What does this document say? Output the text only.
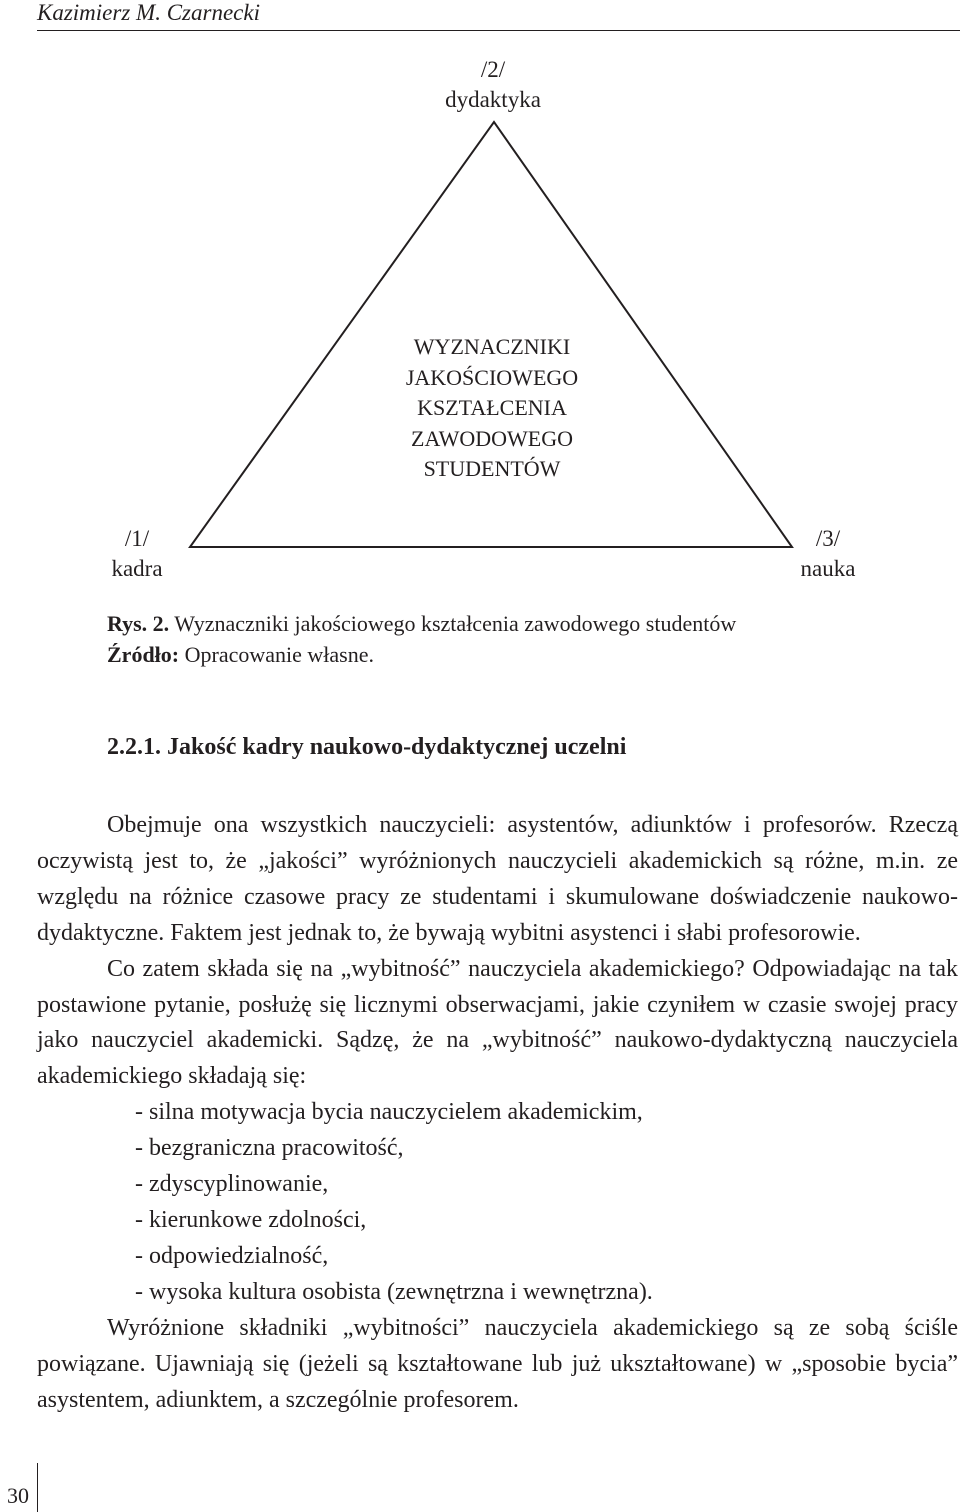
Kazimierz M. Czarnecki
/2/
dydaktyka
/1/
kadra
/3/
nauka
WYZNACZNIKI
JAKOŚCIOWEGO
KSZTAŁCENIA
ZAWODOWEGO
STUDENTÓW
Rys. 2. Wyznaczniki jakościowego kształcenia zawodowego studentów
Źródło: Opracowanie własne.
2.2.1. Jakość kadry naukowo-dydaktycznej uczelni

Obejmuje ona wszystkich nauczycieli: asystentów, adiunktów i profesorów. Rzeczą oczywistą jest to, że „jakości” wyróżnionych nauczycieli akademickich są różne, m.in. ze względu na różnice czasowe pracy ze studentami i skumulowane doświadczenie naukowo-dydaktyczne. Faktem jest jednak to, że bywają wybitni asystenci i słabi profesorowie.

Co zatem składa się na „wybitność” nauczyciela akademickiego? Odpowiadając na tak postawione pytanie, posłużę się licznymi obserwacjami, jakie czyniłem w czasie swojej pracy jako nauczyciel akademicki. Sądzę, że na „wybitność” naukowo-dydaktyczną nauczyciela akademickiego składają się:

- silna motywacja bycia nauczycielem akademickim,
- bezgraniczna pracowitość,
- zdyscyplinowanie,
- kierunkowe zdolności,
- odpowiedzialność,
- wysoka kultura osobista (zewnętrzna i wewnętrzna).

Wyróżnione składniki „wybitności” nauczyciela akademickiego są ze sobą ściśle powiązane. Ujawniają się (jeżeli są kształtowane lub już ukształtowane) w „sposobie bycia” asystentem, adiunktem, a szczególnie profesorem.

30
